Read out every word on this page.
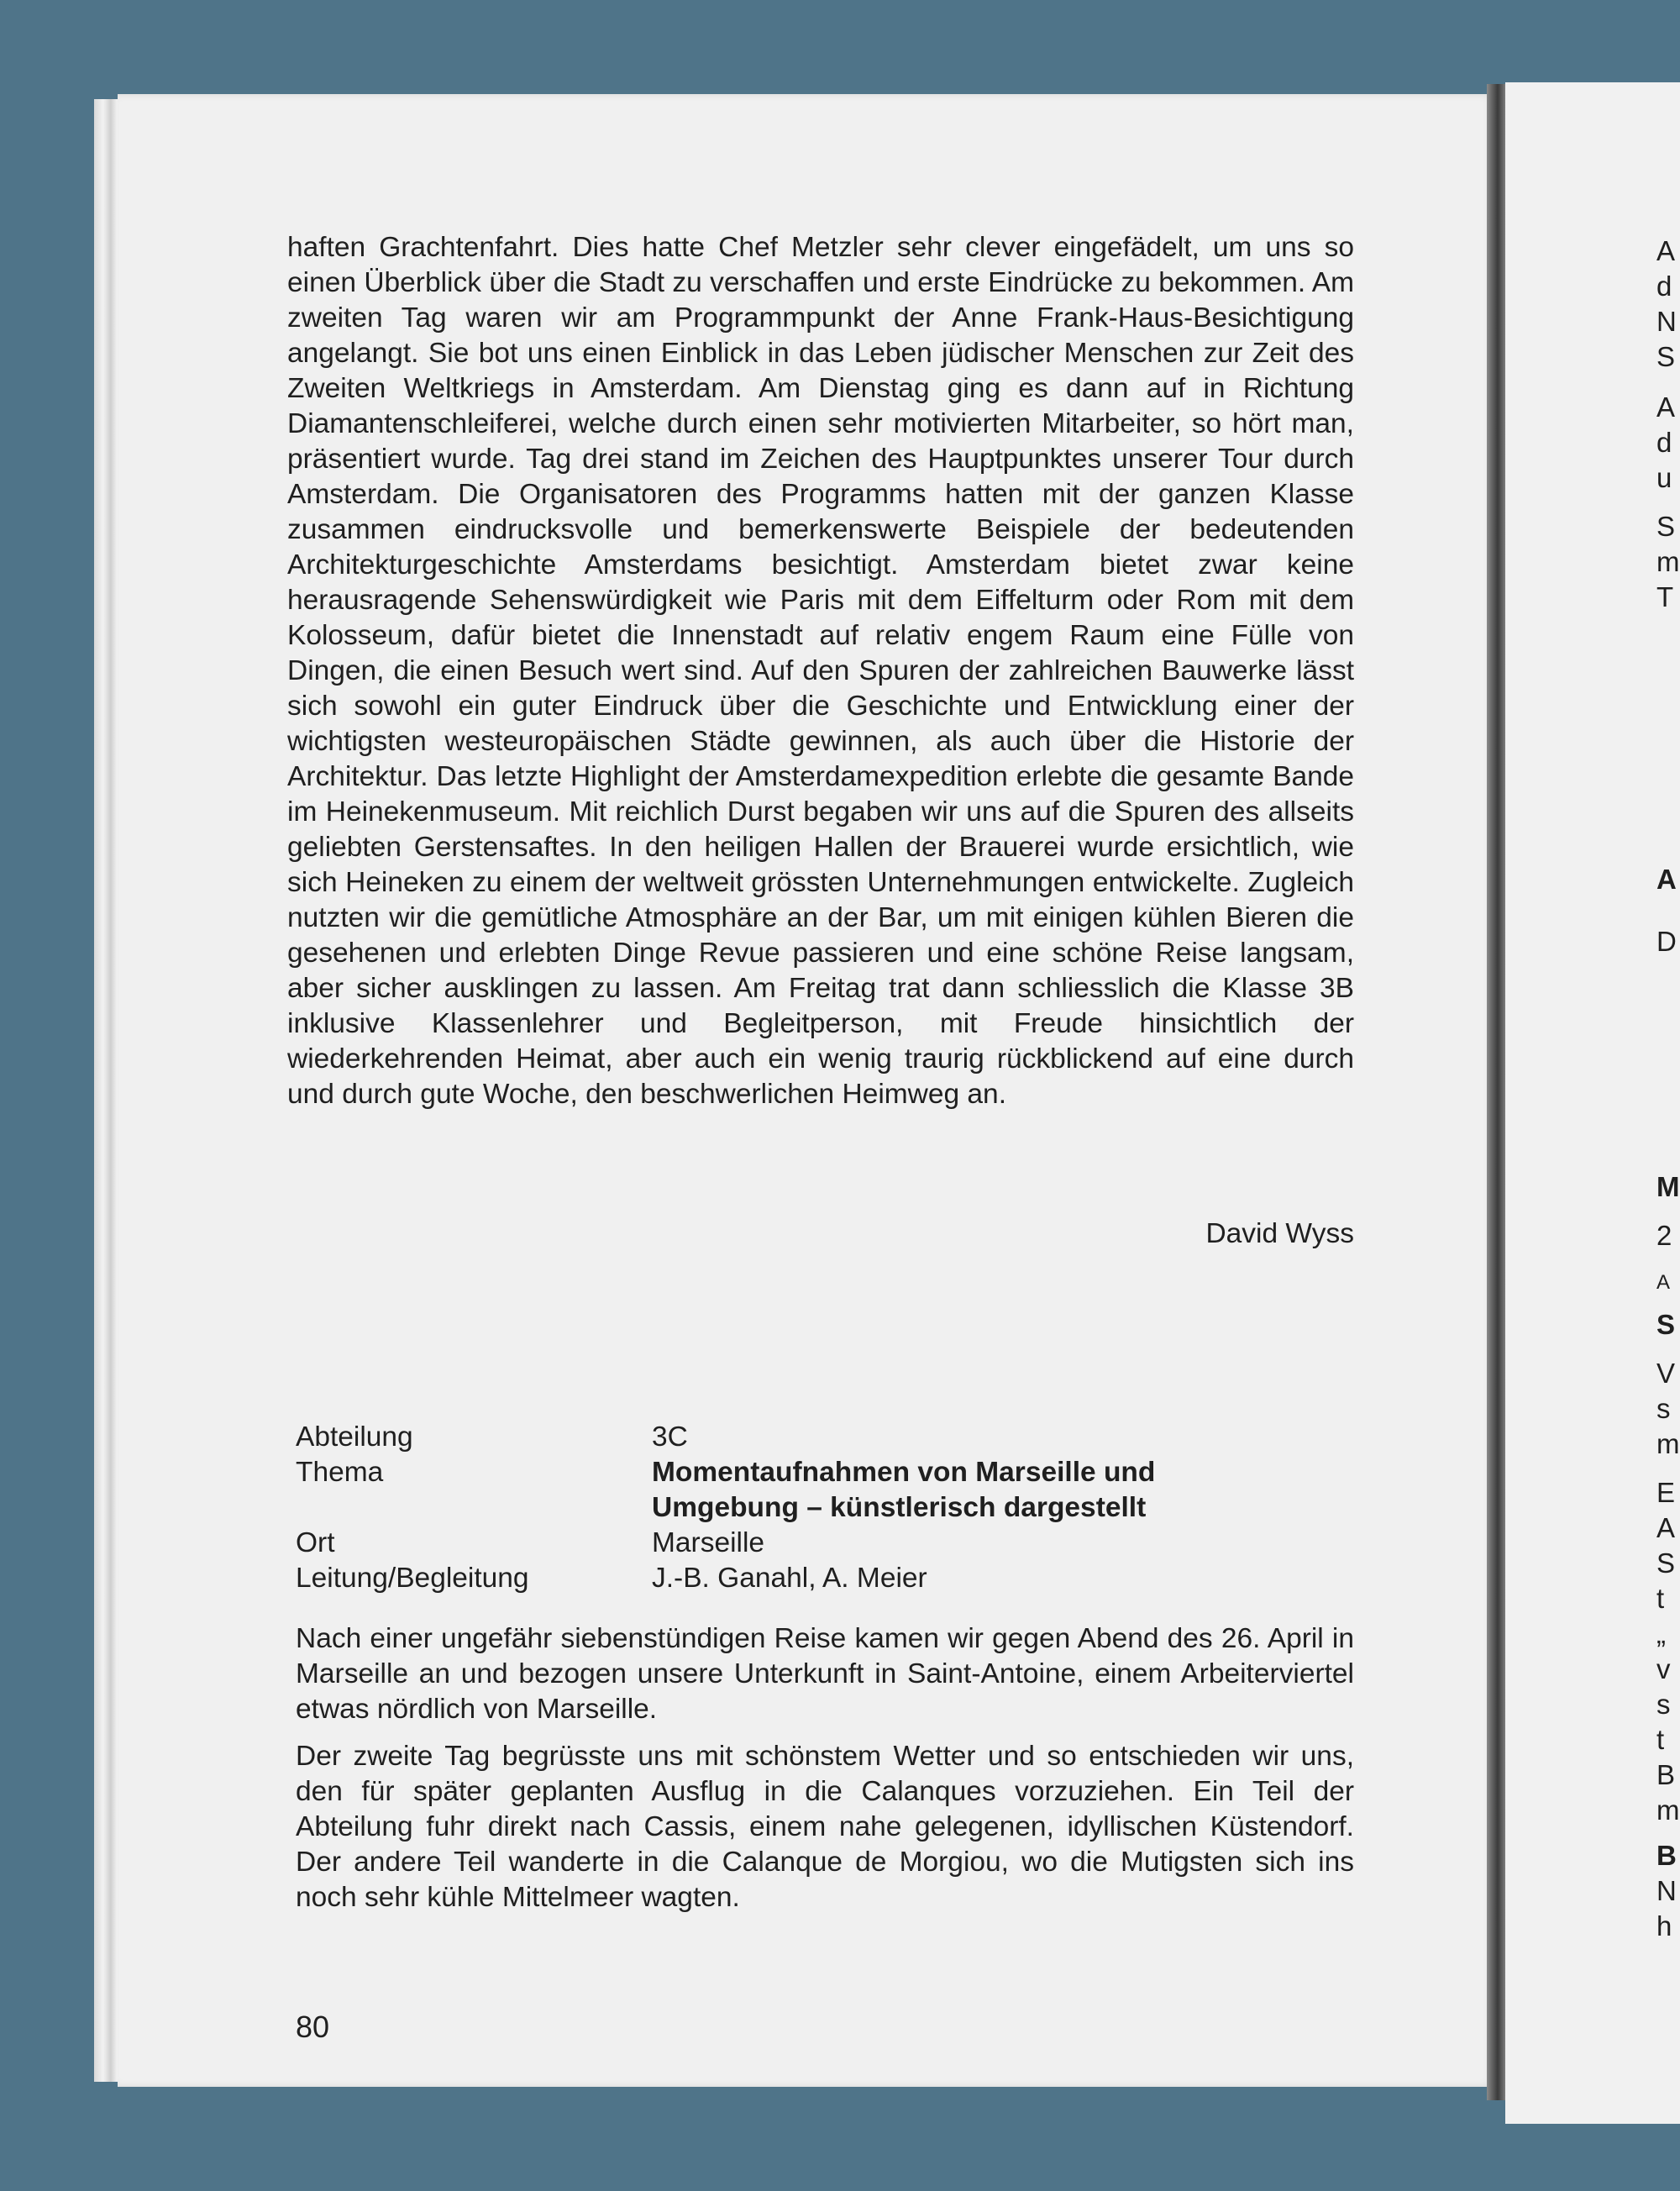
haften Grachtenfahrt. Dies hatte Chef Metzler sehr clever eingefädelt, um uns so einen Überblick über die Stadt zu verschaffen und erste Eindrücke zu bekommen. Am zweiten Tag waren wir am Programmpunkt der Anne Frank-Haus-Besichtigung angelangt. Sie bot uns einen Einblick in das Leben jüdischer Menschen zur Zeit des Zweiten Weltkriegs in Amsterdam. Am Dienstag ging es dann auf in Richtung Diamantenschleiferei, welche durch einen sehr motivierten Mitarbeiter, so hört man, präsentiert wurde. Tag drei stand im Zeichen des Hauptpunktes unserer Tour durch Amsterdam. Die Organisatoren des Programms hatten mit der ganzen Klasse zusammen eindrucksvolle und bemerkenswerte Beispiele der bedeutenden Architekturgeschichte Amsterdams besichtigt. Amsterdam bietet zwar keine herausragende Sehenswürdigkeit wie Paris mit dem Eiffelturm oder Rom mit dem Kolosseum, dafür bietet die Innenstadt auf relativ engem Raum eine Fülle von Dingen, die einen Besuch wert sind. Auf den Spuren der zahlreichen Bauwerke lässt sich sowohl ein guter Eindruck über die Geschichte und Entwicklung einer der wichtigsten westeuropäischen Städte gewinnen, als auch über die Historie der Architektur. Das letzte Highlight der Amsterdamexpedition erlebte die gesamte Bande im Heinekenmuseum. Mit reichlich Durst begaben wir uns auf die Spuren des allseits geliebten Gerstensaftes. In den heiligen Hallen der Brauerei wurde ersichtlich, wie sich Heineken zu einem der weltweit grössten Unternehmungen entwickelte. Zugleich nutzten wir die gemütliche Atmosphäre an der Bar, um mit einigen kühlen Bieren die gesehenen und erlebten Dinge Revue passieren und eine schöne Reise langsam, aber sicher ausklingen zu lassen. Am Freitag trat dann schliesslich die Klasse 3B inklusive Klassenlehrer und Begleitperson, mit Freude hinsichtlich der wiederkehrenden Heimat, aber auch ein wenig traurig rückblickend auf eine durch und durch gute Woche, den beschwerlichen Heimweg an.

David Wyss

Abteilung	3C
Thema	Momentaufnahmen von Marseille und
Umgebung – künstlerisch dargestellt
Ort	Marseille
Leitung/Begleitung	J.-B. Ganahl, A. Meier

Nach einer ungefähr siebenstündigen Reise kamen wir gegen Abend des 26. April in Marseille an und bezogen unsere Unterkunft in Saint-Antoine, einem Arbeiterviertel etwas nördlich von Marseille.

Der zweite Tag begrüsste uns mit schönstem Wetter und so entschieden wir uns, den für später geplanten Ausflug in die Calanques vorzuziehen. Ein Teil der Abteilung fuhr direkt nach Cassis, einem nahe gelegenen, idyllischen Küstendorf. Der andere Teil wanderte in die Calanque de Morgiou, wo die Mutigsten sich ins noch sehr kühle Mittelmeer wagten.

80

A
d
N
S
A
d
u
S
m
T
A
D
M
2
A
S
V
s
m
E
A
S
t
„
v
s
t
B
m
B
N
h
